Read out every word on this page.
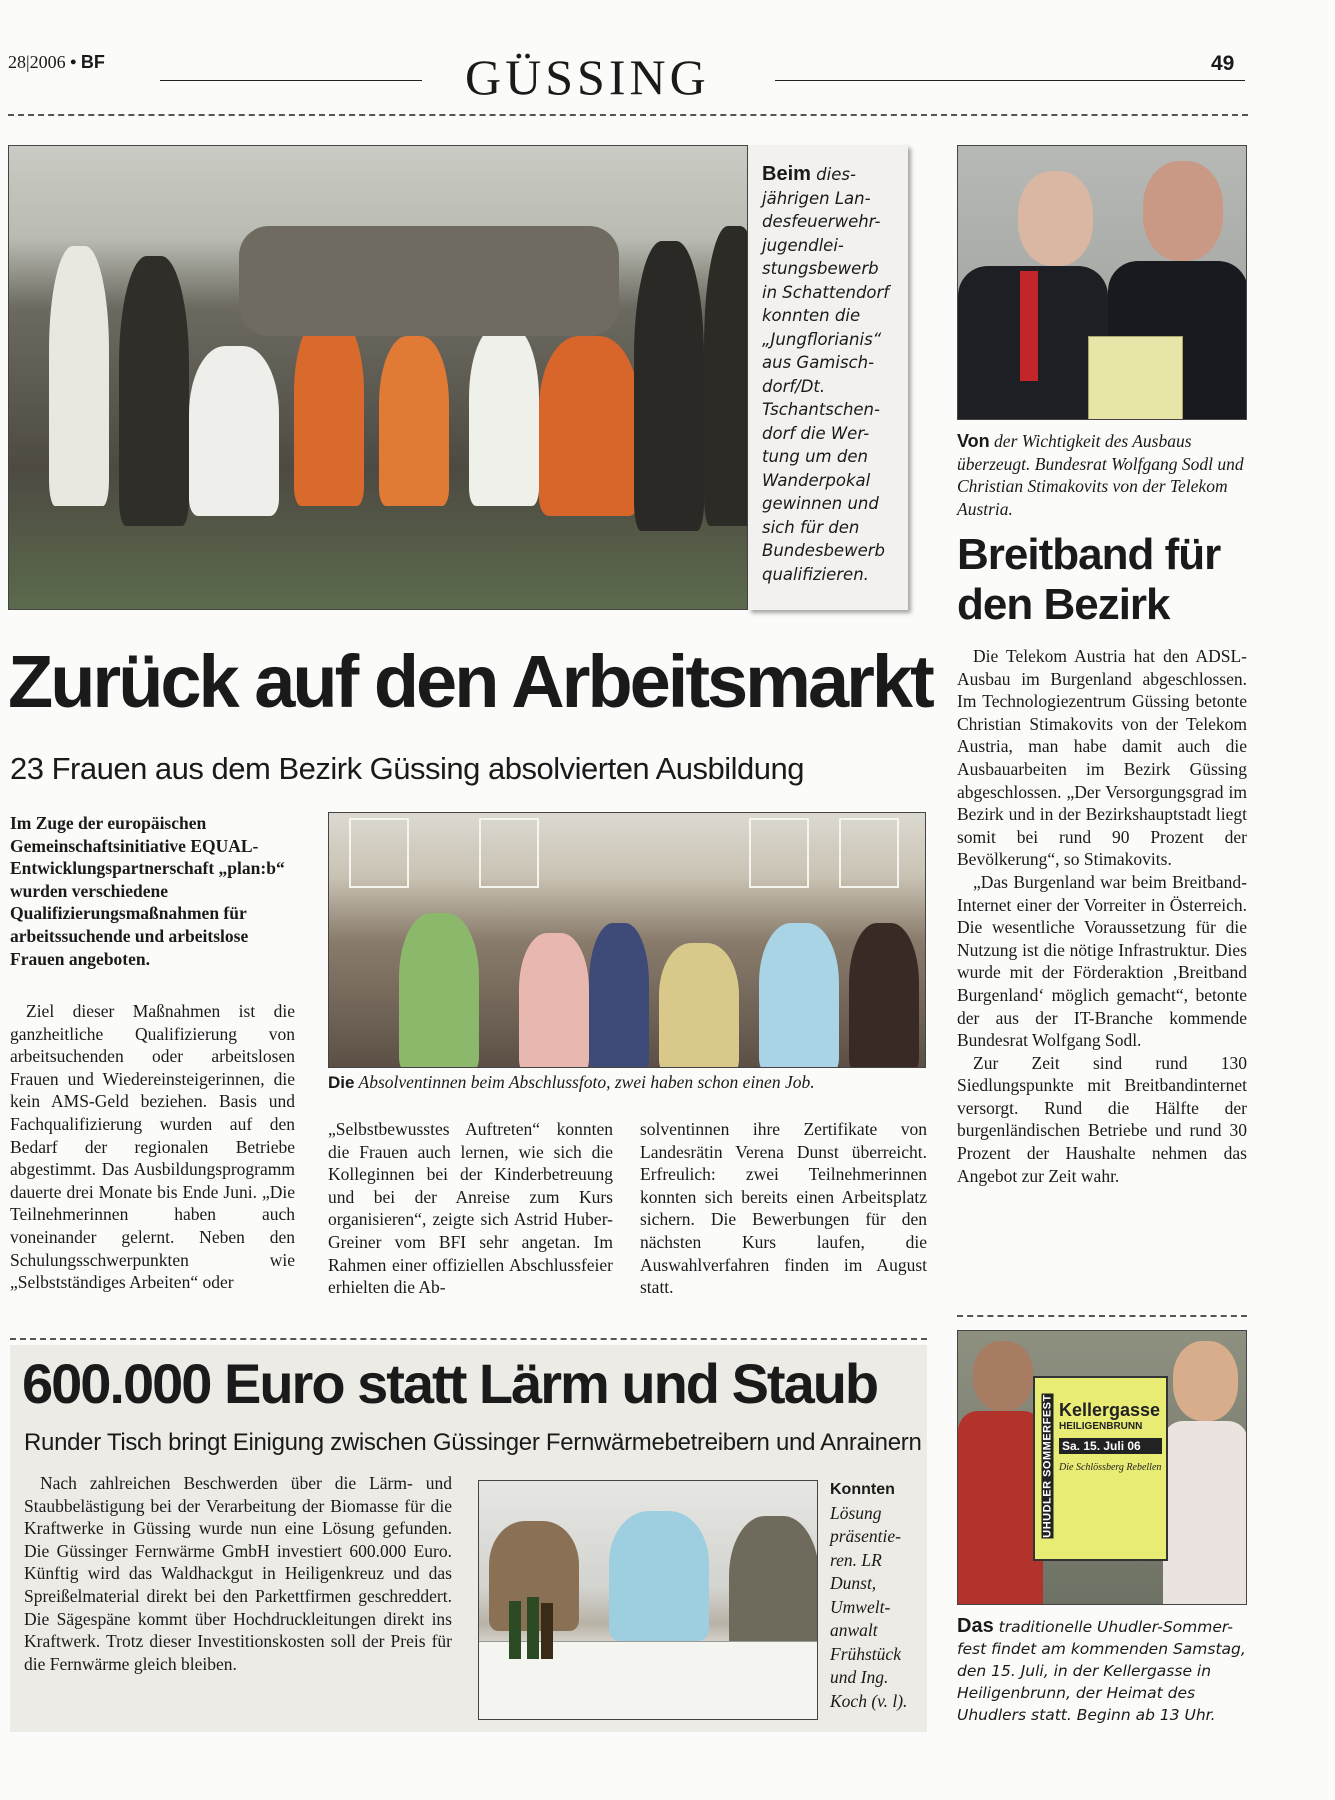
28|2006 • BF	GÜSSING	49
Beim dies-jährigen Lan-desfeuerwehr-jugendlei-stungsbewerb in Schattendorf konnten die „Jungflorianis“ aus Gamisch-dorf/Dt. Tschantschen-dorf die Wer-tung um den Wanderpokal gewinnen und sich für den Bundesbewerb qualifizieren.
Von der Wichtigkeit des Ausbaus überzeugt. Bundesrat Wolfgang Sodl und Christian Stimakovits von der Telekom Austria.
Breitband für den Bezirk

Die Telekom Austria hat den ADSL-Ausbau im Burgenland abgeschlossen. Im Technologiezentrum Güssing betonte Christian Stimakovits von der Telekom Austria, man habe damit auch die Ausbauarbeiten im Bezirk Güssing abgeschlossen. „Der Versorgungsgrad im Bezirk und in der Bezirkshauptstadt liegt somit bei rund 90 Prozent der Bevölkerung“, so Stimakovits.

„Das Burgenland war beim Breitband-Internet einer der Vorreiter in Österreich. Die wesentliche Voraussetzung für die Nutzung ist die nötige Infrastruktur. Dies wurde mit der Förderaktion ‚Breitband Burgenland‘ möglich gemacht“, betonte der aus der IT-Branche kommende Bundesrat Wolfgang Sodl.

Zur Zeit sind rund 130 Siedlungspunkte mit Breitbandinternet versorgt. Rund die Hälfte der burgenländischen Betriebe und rund 30 Prozent der Haushalte nehmen das Angebot zur Zeit wahr.

Zurück auf den Arbeitsmarkt
23 Frauen aus dem Bezirk Güssing absolvierten Ausbildung
Im Zuge der europäischen Gemeinschaftsinitiative EQUAL-Entwicklungspartnerschaft „plan:b“ wurden verschiedene Qualifizierungsmaßnahmen für arbeitssuchende und arbeitslose Frauen angeboten.
Die Absolventinnen beim Abschlussfoto, zwei haben schon einen Job.

Ziel dieser Maßnahmen ist die ganzheitliche Qualifizierung von arbeitsuchenden oder arbeitslosen Frauen und Wiedereinsteigerinnen, die kein AMS-Geld beziehen. Basis und Fachqualifizierung wurden auf den Bedarf der regionalen Betriebe abgestimmt. Das Ausbildungsprogramm dauerte drei Monate bis Ende Juni. „Die Teilnehmerinnen haben auch voneinander gelernt. Neben den Schulungsschwerpunkten wie „Selbstständiges Arbeiten“ oder

„Selbstbewusstes Auftreten“ konnten die Frauen auch lernen, wie sich die Kolleginnen bei der Kinderbetreuung und bei der Anreise zum Kurs organisieren“, zeigte sich Astrid Huber-Greiner vom BFI sehr angetan. Im Rahmen einer offiziellen Abschlussfeier erhielten die Ab-

solventinnen ihre Zertifikate von Landesrätin Verena Dunst überreicht. Erfreulich: zwei Teilnehmerinnen konnten sich bereits einen Arbeitsplatz sichern. Die Bewerbungen für den nächsten Kurs laufen, die Auswahlverfahren finden im August statt.

600.000 Euro statt Lärm und Staub
Runder Tisch bringt Einigung zwischen Güssinger Fernwärmebetreibern und Anrainern

Nach zahlreichen Beschwerden über die Lärm- und Staubbelästigung bei der Verarbeitung der Biomasse für die Kraftwerke in Güssing wurde nun eine Lösung gefunden. Die Güssinger Fernwärme GmbH investiert 600.000 Euro. Künftig wird das Waldhackgut in Heiligenkreuz und das Spreißelmaterial direkt bei den Parkettfirmen geschreddert. Die Sägespäne kommt über Hochdruckleitungen direkt ins Kraftwerk. Trotz dieser Investitionskosten soll der Preis für die Fernwärme gleich bleiben.

Konnten
Lösung präsentie-ren. LR Dunst, Umwelt-anwalt Frühstück und Ing. Koch (v. l).
UHUDLER SOMMERFEST Kellergasse
HEILIGENBRUNN
Sa. 15. Juli 06
Die Schlössberg Rebellen
Das traditionelle Uhudler-Sommer-fest findet am kommenden Samstag, den 15. Juli, in der Kellergasse in Heiligenbrunn, der Heimat des Uhudlers statt. Beginn ab 13 Uhr.
